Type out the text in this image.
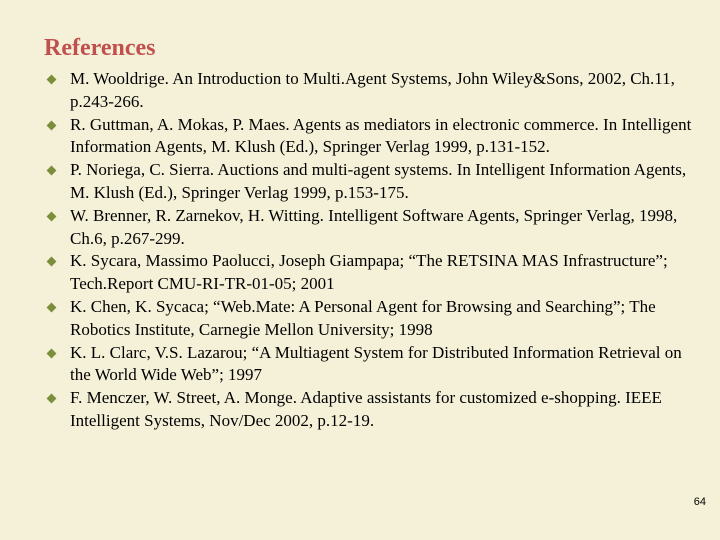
References
M. Wooldrige. An Introduction to Multi.Agent Systems, John Wiley&Sons, 2002, Ch.11, p.243-266.
R. Guttman, A. Mokas, P. Maes. Agents as mediators in electronic commerce. In Intelligent Information Agents, M. Klush (Ed.), Springer Verlag 1999, p.131-152.
P. Noriega, C. Sierra. Auctions and multi-agent systems. In Intelligent Information Agents, M. Klush (Ed.), Springer Verlag 1999, p.153-175.
W. Brenner, R. Zarnekov, H. Witting. Intelligent Software Agents, Springer Verlag, 1998, Ch.6, p.267-299.
K. Sycara, Massimo Paolucci, Joseph Giampapa; “The RETSINA MAS Infrastructure”; Tech.Report CMU-RI-TR-01-05; 2001
K. Chen, K. Sycaca; “Web.Mate: A Personal Agent for Browsing and Searching”; The Robotics Institute, Carnegie Mellon University; 1998
K. L. Clarc, V.S. Lazarou; “A Multiagent System for Distributed Information Retrieval on the World Wide Web”; 1997
F. Menczer, W. Street, A. Monge. Adaptive assistants for customized e-shopping. IEEE Intelligent Systems, Nov/Dec 2002, p.12-19.
64
